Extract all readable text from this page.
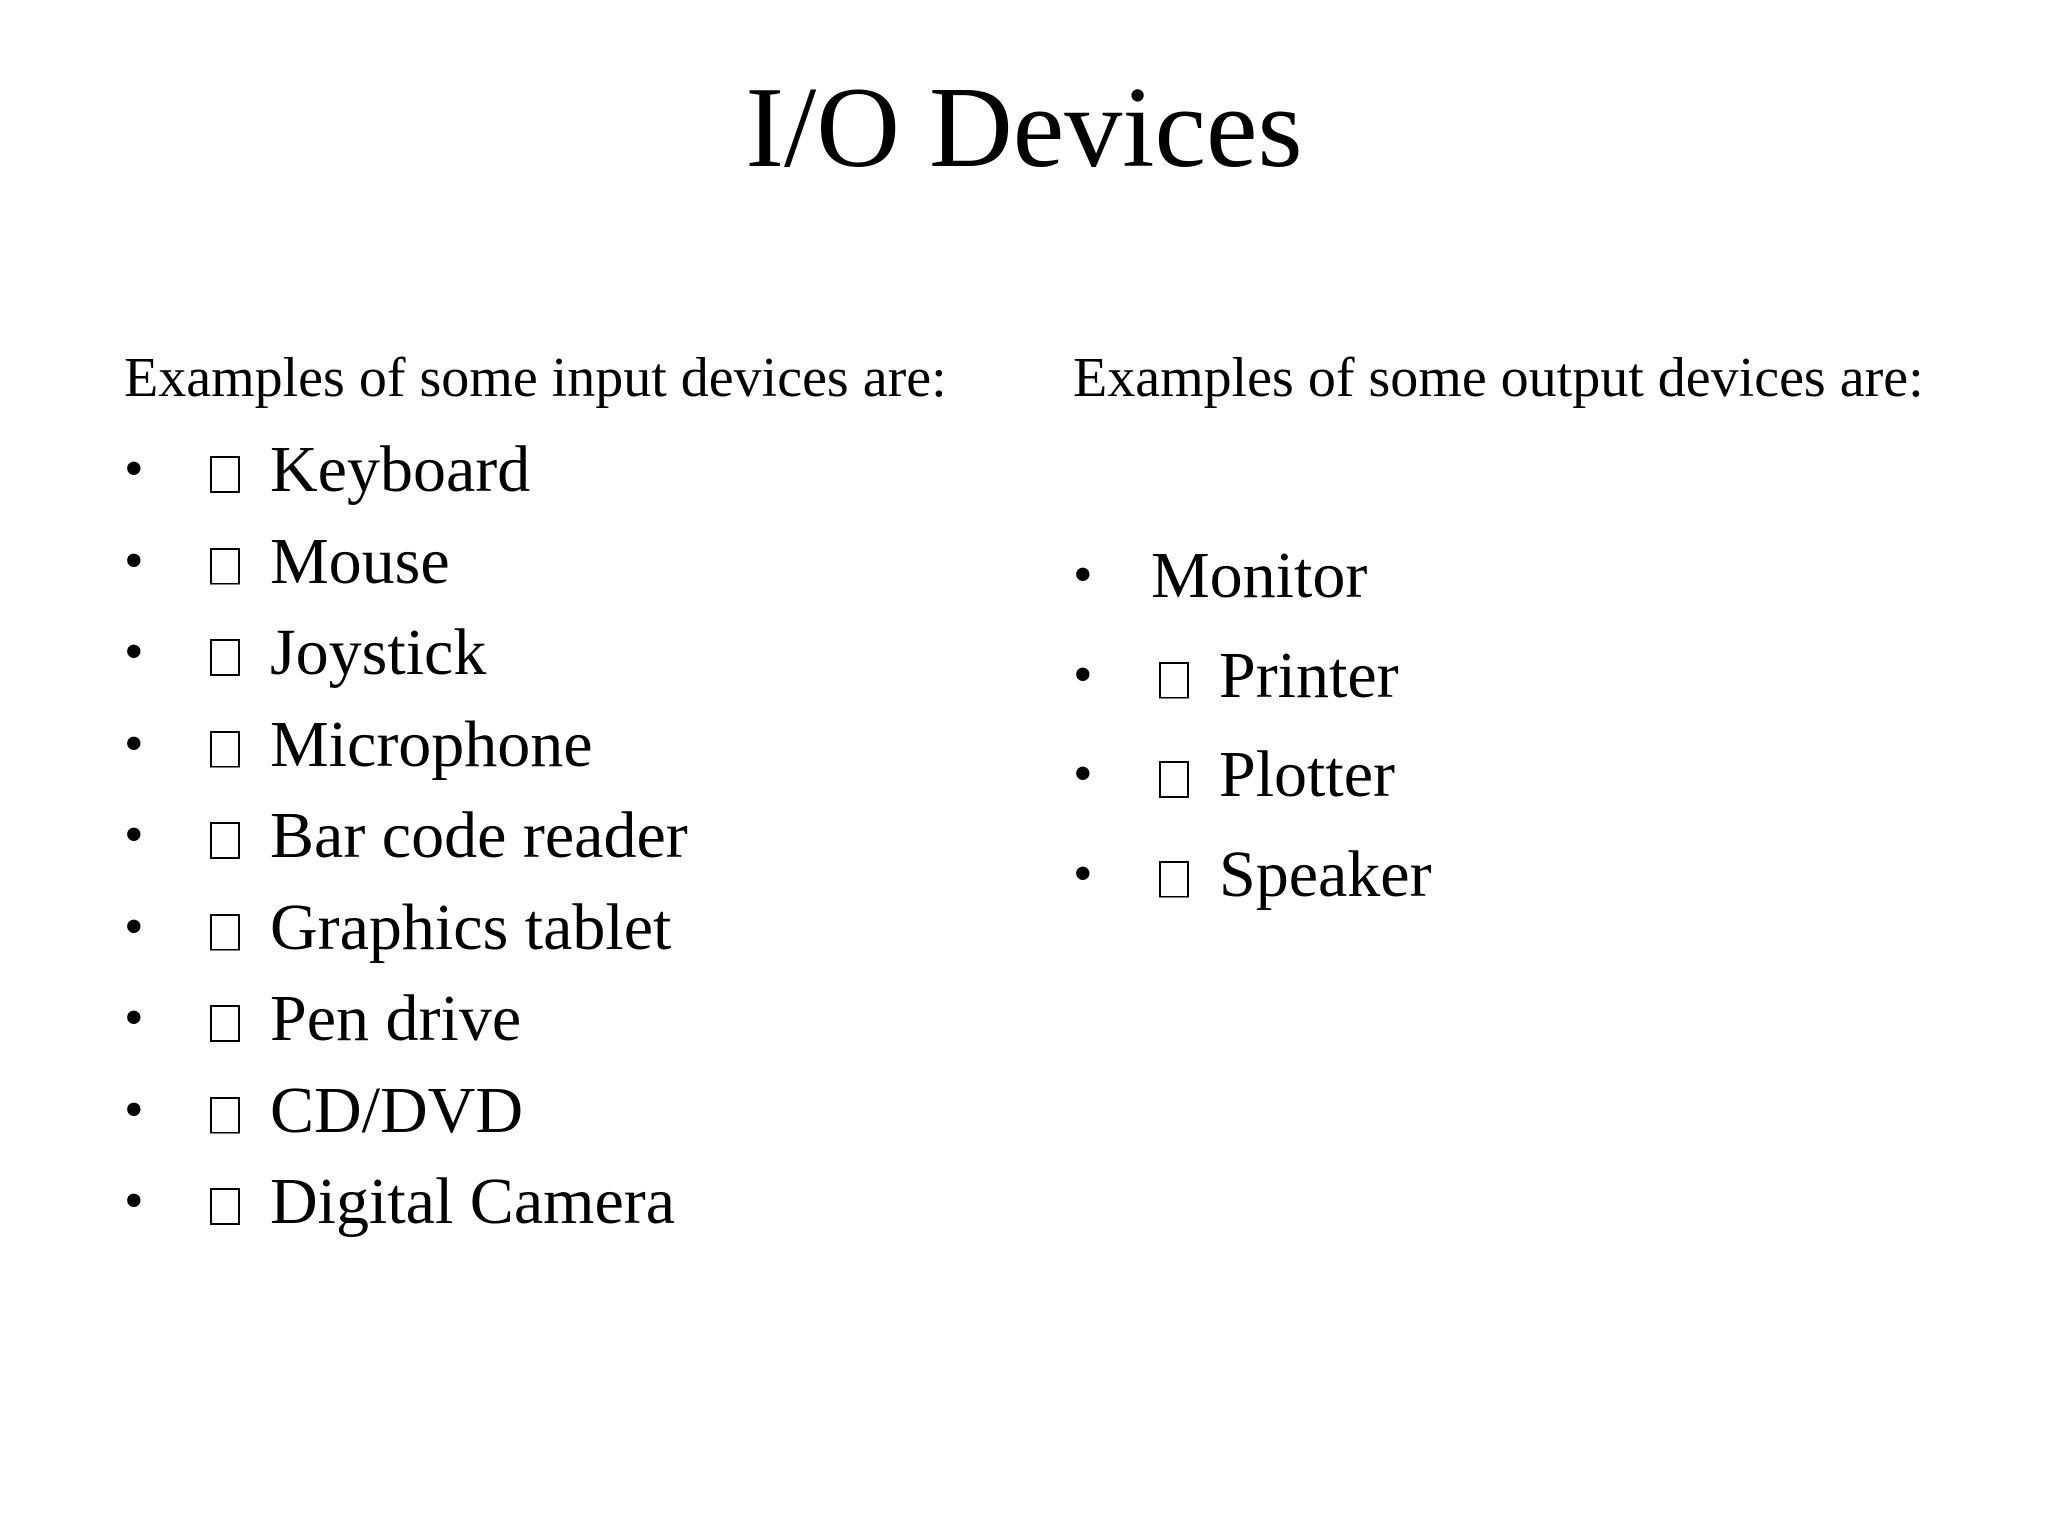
I/O Devices

Examples of some input devices are:

•	Keyboard
•	Mouse
•	Joystick
•	Microphone
•	Bar code reader
•	Graphics tablet
•	Pen drive
•	CD/DVD
•	Digital Camera

Examples of some output devices are:

• Monitor
•	Printer
•	Plotter
•	Speaker
